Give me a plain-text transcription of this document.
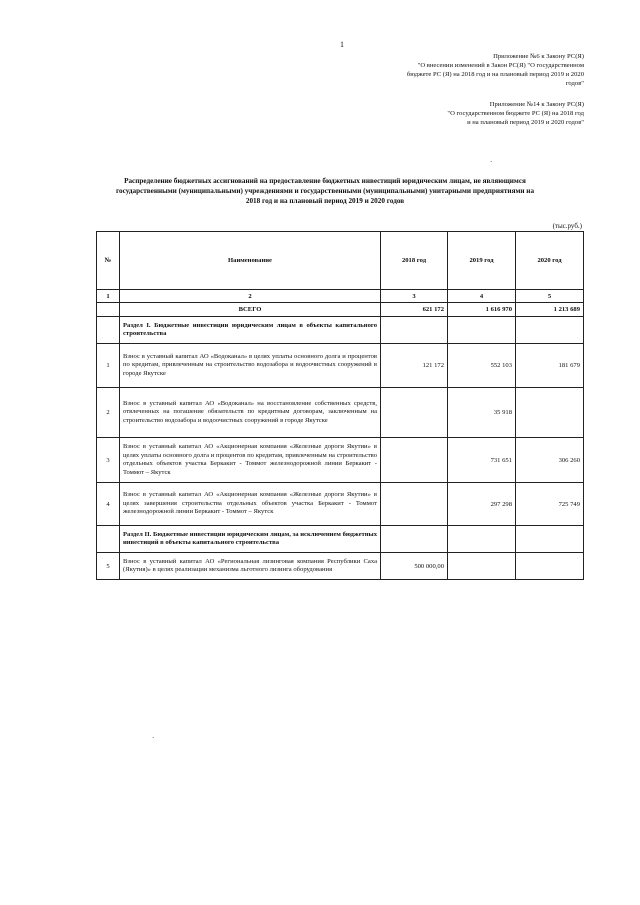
1
Приложение №6 к Закону РС(Я)
"О внесении изменений в Закон РС(Я) "О государственном
бюджете РС (Я) на 2018 год и на плановый период 2019 и 2020
годов"
Приложение №14 к Закону РС(Я)
"О государственном бюджете РС (Я) на 2018 год
и на плановый период 2019 и 2020 годов"
·
Распределение бюджетных ассигнований на предоставление бюджетных инвестиций юридическим лицам, не являющимся
государственными (муниципальными) учреждениями и государственными (муниципальными) унитарными предприятиями на
2018 год и на плановый период 2019 и 2020 годов
(тыс.руб.)
№	Наименование	2018 год	2019 год	2020 год
1	2	3	4	5
	ВСЕГО	621 172	1 616 970	1 213 689
	Раздел I. Бюджетные инвестиции юридическим лицам в объекты капитального строительства			
1	Взнос в уставный капитал АО «Водоканал» в целях уплаты основного долга и процентов по кредитам, привлеченным на строительство водозабора и водоочистных сооружений в городе Якутске	121 172	552 103	181 679
2	Взнос в уставный капитал АО «Водоканал» на восстановление собственных средств, отвлеченных на погашение обязательств по кредитным договорам, заключенным на строительство водозабора и водоочистных сооружений в городе Якутске		35 918	
3	Взнос в уставный капитал АО «Акционерная компания «Железные дороги Якутии» в целях уплаты основного долга и процентов по кредитам, привлеченным на строительство отдельных объектов участка Беркакит - Томмот железнодорожной линии Беркакит - Томмот – Якутск		731 651	306 260
4	Взнос в уставный капитал АО «Акционерная компания «Железные дороги Якутии» в целях завершения строительства отдельных объектов участка Беркакит - Томмот железнодорожной линии Беркакит - Томмот – Якутск		297 298	725 749
	Раздел II. Бюджетные инвестиции юридическим лицам, за исключением бюджетных инвестиций в объекты капитального строительства			
5	Взнос в уставный капитал АО «Региональная лизинговая компания Республики Саха (Якутия)» в целях реализации механизма льготного лизинга оборудования	500 000,00		
·
